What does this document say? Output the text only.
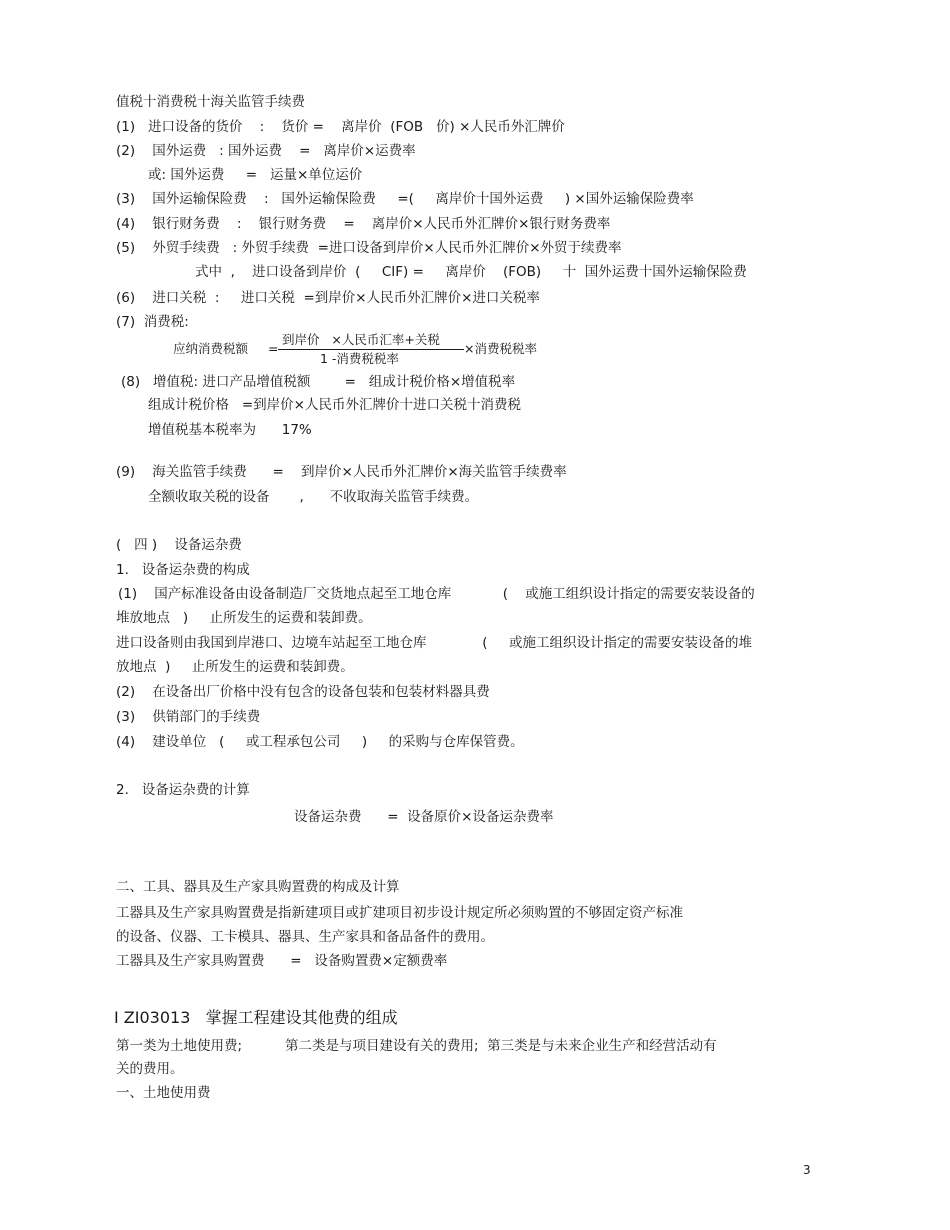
值税十消费税十海关监管手续费
(1)   进口设备的货价    :    货价 =    离岸价  (FOB   价) ×人民币外汇牌价
(2)    国外运费   : 国外运费    =   离岸价×运费率
或: 国外运费     =   运量×单位运价
(3)    国外运输保险费    :   国外运输保险费     =(     离岸价十国外运费     ) ×国外运输保险费率
(4)    银行财务费    :    银行财务费    =    离岸价×人民币外汇牌价×银行财务费率
(5)    外贸手续费   : 外贸手续费  =进口设备到岸价×人民币外汇牌价×外贸于续费率
式中  ,    进口设备到岸价  (     CIF) =     离岸价    (FOB)     十  国外运费十国外运输保险费
(6)    进口关税  :     进口关税  =到岸价×人民币外汇牌价×进口关税率
(7)  消费税:
应纳消费税额 =
到岸价   ×人民币汇率+关税
1 -消费税税率
×消费税税率
(8)   增值税: 进口产品增值税额        =   组成计税价格×增值税率
组成计税价格   =到岸价×人民币外汇牌价十进口关税十消费税
增值税基本税率为      17%
(9)    海关监管手续费      =    到岸价×人民币外汇牌价×海关监管手续费率
全额收取关税的设备       ,      不收取海关监管手续费。
(   四 )    设备运杂费
1.   设备运杂费的构成
(1)    国产标准设备由设备制造厂交货地点起至工地仓库            (    或施工组织设计指定的需要安装设备的
堆放地点   )     止所发生的运费和装卸费。
进口设备则由我国到岸港口、边境车站起至工地仓库             (     或施工组织设计指定的需要安装设备的堆
放地点  )     止所发生的运费和装卸费。
(2)    在设备出厂价格中没有包含的设备包装和包装材料器具费
(3)    供销部门的手续费
(4)    建设单位   (     或工程承包公司     )     的采购与仓库保管费。
2.   设备运杂费的计算
设备运杂费      =  设备原价×设备运杂费率
二、工具、器具及生产家具购置费的构成及计算
工器具及生产家具购置费是指新建项目或扩建项目初步设计规定所必须购置的不够固定资产标准
的设备、仪器、工卡模具、器具、生产家具和备品备件的费用。
工器具及生产家具购置费      =   设备购置费×定额费率
I ZI03013   掌握工程建设其他费的组成
第一类为土地使用费;          第二类是与项目建设有关的费用;  第三类是与未来企业生产和经营活动有
关的费用。
一、土地使用费
3
